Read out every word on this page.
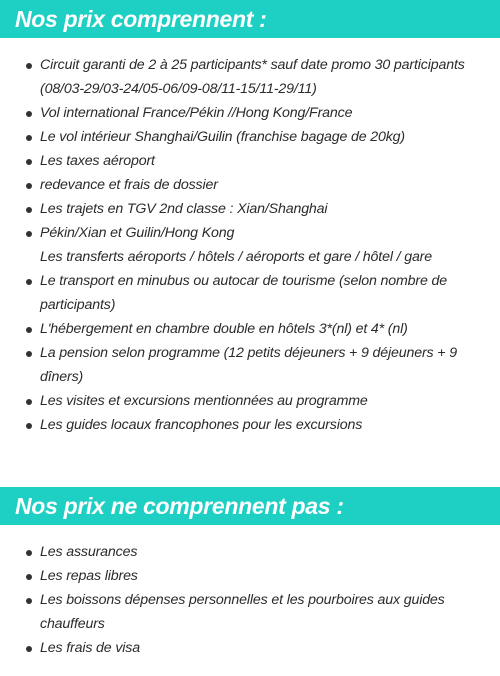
Nos prix comprennent :
Circuit garanti de 2 à 25 participants* sauf date promo 30 participants
(08/03-29/03-24/05-06/09-08/11-15/11-29/11)
Vol international France/Pékin //Hong Kong/France
Le vol intérieur Shanghai/Guilin (franchise bagage de 20kg)
Les taxes aéroport
redevance et frais de dossier
Les trajets en TGV 2nd classe : Xian/Shanghai
Pékin/Xian et Guilin/Hong Kong
Les transferts aéroports / hôtels / aéroports et gare / hôtel / gare
Le transport en minubus ou autocar de tourisme (selon nombre de
participants)
L'hébergement en chambre double en hôtels 3*(nl) et 4* (nl)
La pension selon programme (12 petits déjeuners + 9 déjeuners + 9
dîners)
Les visites et excursions mentionnées au programme
Les guides locaux francophones pour les excursions
Nos prix ne comprennent pas :
Les assurances
Les repas libres
Les boissons dépenses personnelles et les pourboires aux guides
chauffeurs
Les frais de visa
